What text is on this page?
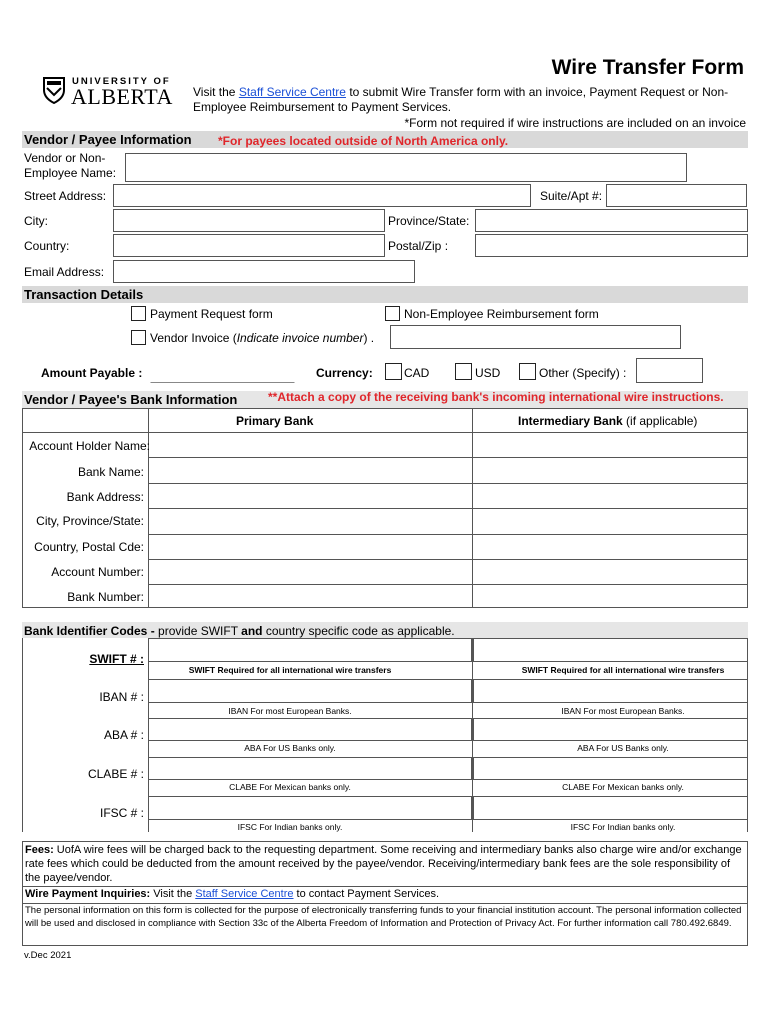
UNIVERSITY OF
ALBERTA
Wire Transfer Form
Visit the Staff Service Centre to submit Wire Transfer form with an invoice, Payment Request or Non-
Employee Reimbursement to Payment Services.
*Form not required if wire instructions are included on an invoice
Vendor / Payee Information *For payees located outside of North America only.
Vendor or Non-
Employee Name:
Street Address:	Suite/Apt #:
City:	Province/State:
Country:	Postal/Zip :
Email Address:
Transaction Details
Payment Request form	Non-Employee Reimbursement form
Vendor Invoice (Indicate invoice number) .
Amount Payable :	Currency:	CAD	USD	Other (Specify) :
Vendor / Payee's Bank Information	**Attach a copy of the receiving bank's incoming international wire instructions.
Primary Bank	Intermediary Bank (if applicable)
Account Holder Name:
Bank Name:
Bank Address:
City, Province/State:
Country, Postal Cde:
Account Number:
Bank Number:
Bank Identifier Codes - provide SWIFT and country specific code as applicable.
SWIFT # :
IBAN # :
ABA # :
CLABE # :
IFSC # :
SWIFT Required for all international wire transfers	SWIFT Required for all international wire transfers
IBAN For most European Banks.	IBAN For most European Banks.
ABA For US Banks only.	ABA For US Banks only.
CLABE For Mexican banks only.	CLABE For Mexican banks only.
IFSC For Indian banks only.	IFSC For Indian banks only.
Fees: UofA wire fees will be charged back to the requesting department. Some receiving and intermediary banks also charge wire and/or exchange rate fees which could be deducted from the amount received by the payee/vendor. Receiving/intermediary bank fees are the sole responsibility of the payee/vendor.
Wire Payment Inquiries: Visit the Staff Service Centre to contact Payment Services.
The personal information on this form is collected for the purpose of electronically transferring funds to your financial institution account. The personal information collected will be used and disclosed in compliance with Section 33c of the Alberta Freedom of Information and Protection of Privacy Act. For further information call 780.492.6849.
v.Dec 2021
